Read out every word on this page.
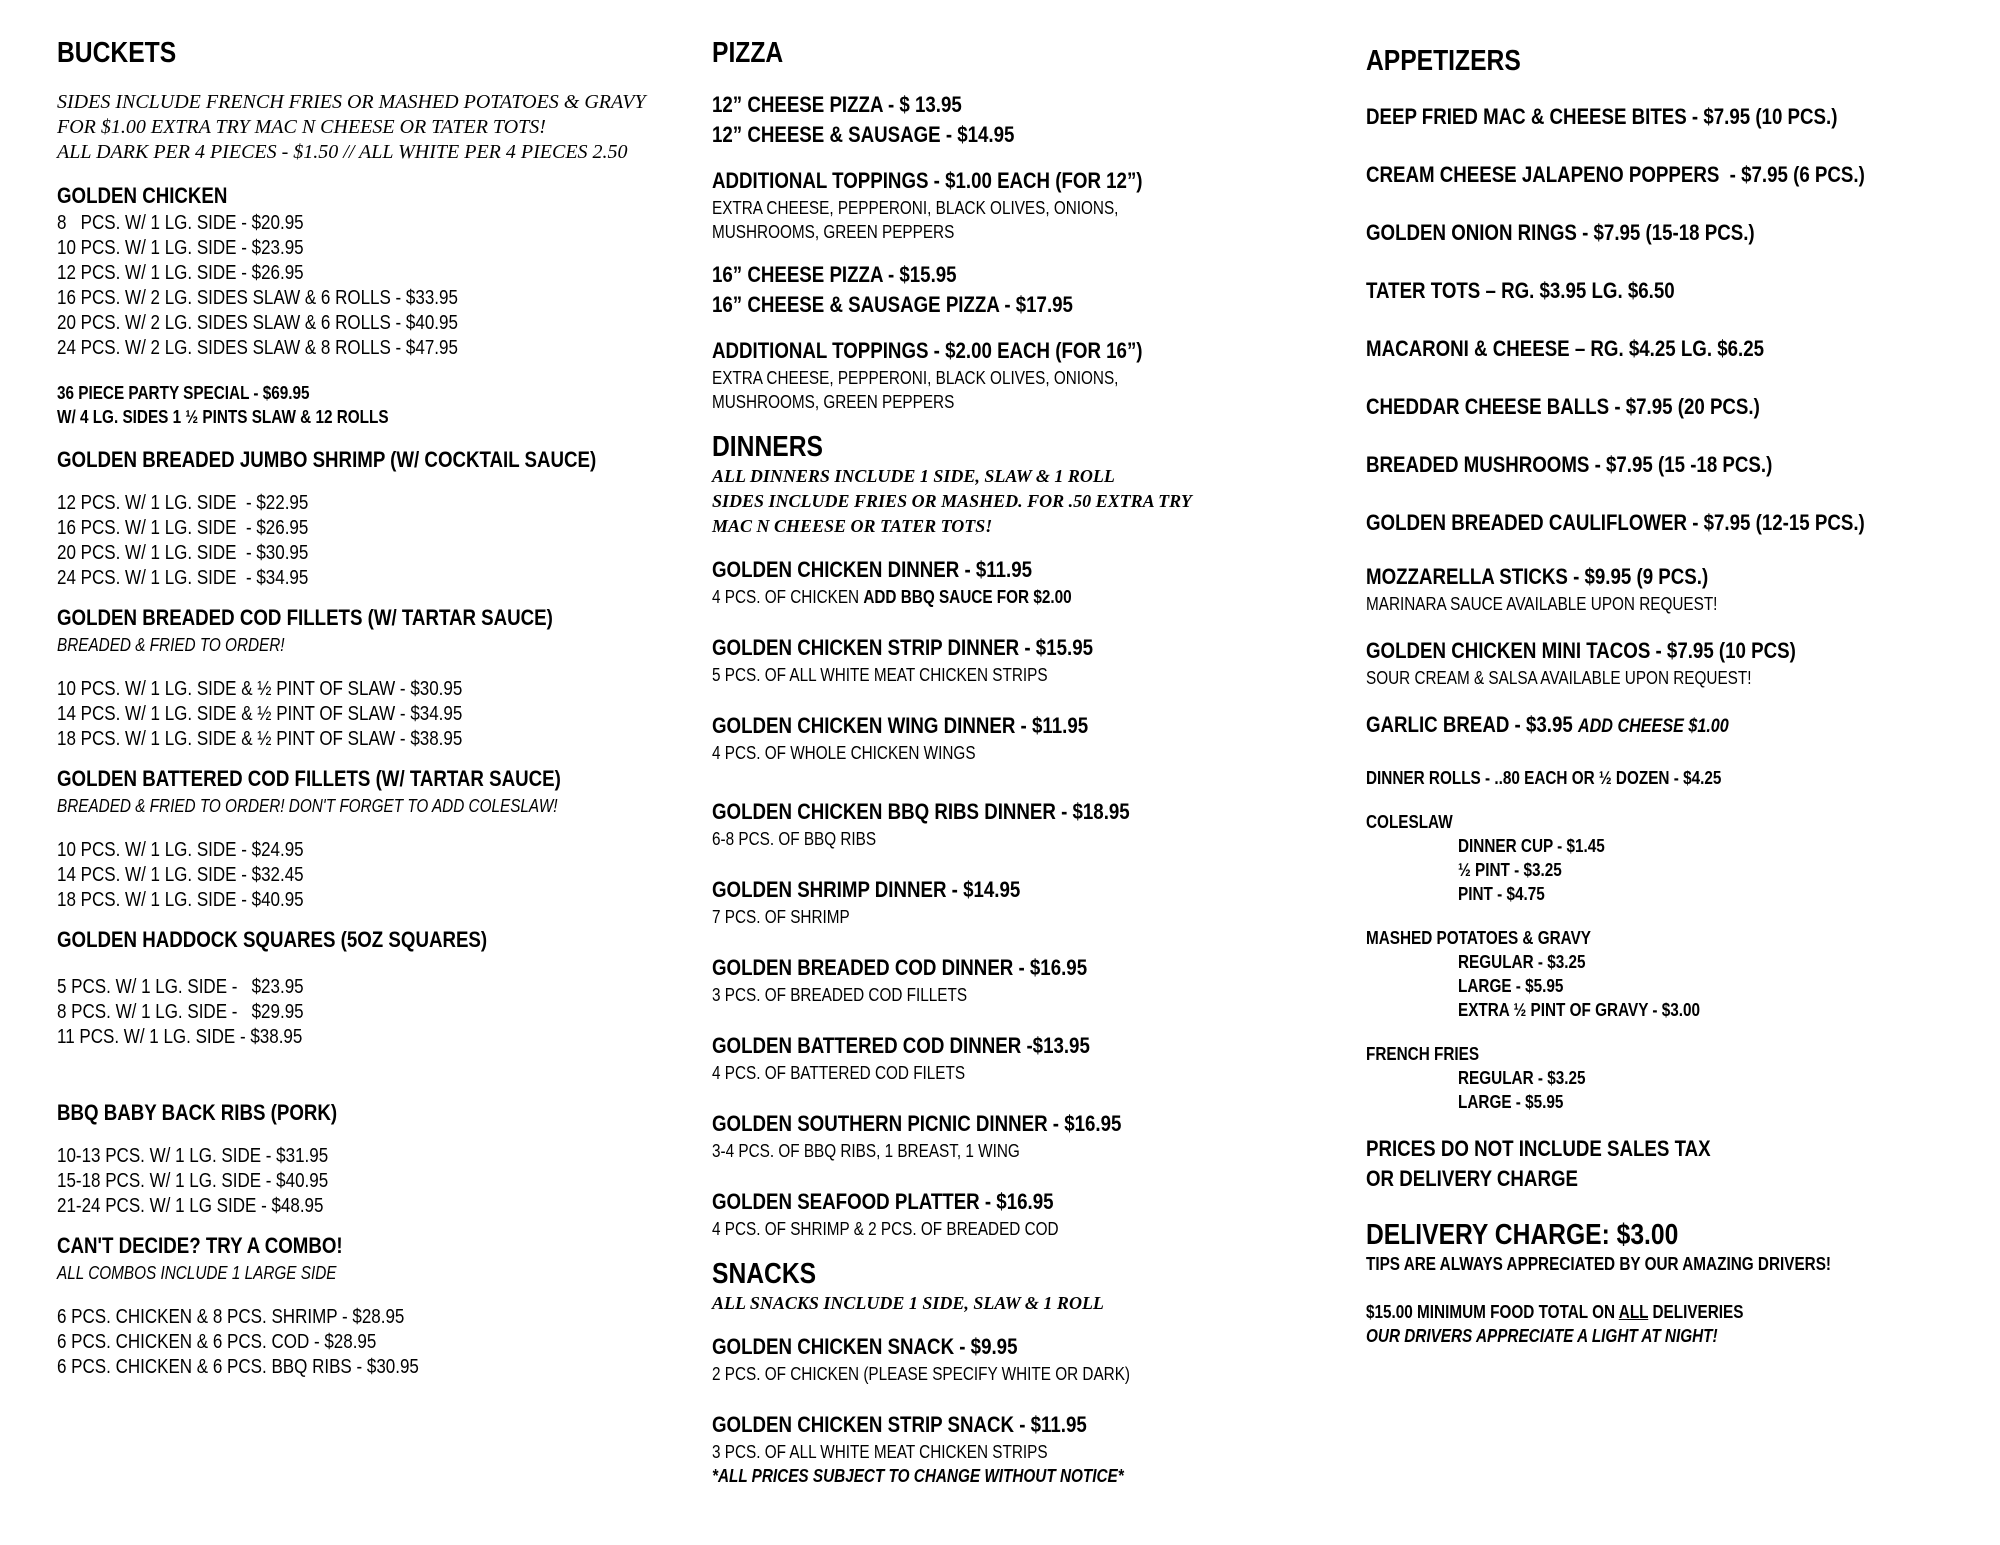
BUCKETS
SIDES INCLUDE FRENCH FRIES OR MASHED POTATOES & GRAVY
FOR $1.00 EXTRA TRY MAC N CHEESE OR TATER TOTS!
ALL DARK PER 4 PIECES - $1.50 // ALL WHITE PER 4 PIECES 2.50
GOLDEN CHICKEN
8   PCS. W/ 1 LG. SIDE - $20.95
10 PCS. W/ 1 LG. SIDE - $23.95
12 PCS. W/ 1 LG. SIDE - $26.95
16 PCS. W/ 2 LG. SIDES SLAW & 6 ROLLS - $33.95
20 PCS. W/ 2 LG. SIDES SLAW & 6 ROLLS - $40.95
24 PCS. W/ 2 LG. SIDES SLAW & 8 ROLLS - $47.95
36 PIECE PARTY SPECIAL - $69.95
W/ 4 LG. SIDES 1 ½ PINTS SLAW & 12 ROLLS
GOLDEN BREADED JUMBO SHRIMP (W/ COCKTAIL SAUCE)
12 PCS. W/ 1 LG. SIDE  - $22.95
16 PCS. W/ 1 LG. SIDE  - $26.95
20 PCS. W/ 1 LG. SIDE  - $30.95
24 PCS. W/ 1 LG. SIDE  - $34.95
GOLDEN BREADED COD FILLETS (W/ TARTAR SAUCE)
BREADED & FRIED TO ORDER!
10 PCS. W/ 1 LG. SIDE & ½ PINT OF SLAW - $30.95
14 PCS. W/ 1 LG. SIDE & ½ PINT OF SLAW - $34.95
18 PCS. W/ 1 LG. SIDE & ½ PINT OF SLAW - $38.95
GOLDEN BATTERED COD FILLETS (W/ TARTAR SAUCE)
BREADED & FRIED TO ORDER! DON'T FORGET TO ADD COLESLAW!
10 PCS. W/ 1 LG. SIDE - $24.95
14 PCS. W/ 1 LG. SIDE - $32.45
18 PCS. W/ 1 LG. SIDE - $40.95
GOLDEN HADDOCK SQUARES (5OZ SQUARES)
5 PCS. W/ 1 LG. SIDE -   $23.95
8 PCS. W/ 1 LG. SIDE -   $29.95
11 PCS. W/ 1 LG. SIDE - $38.95
BBQ BABY BACK RIBS (PORK)
10-13 PCS. W/ 1 LG. SIDE - $31.95
15-18 PCS. W/ 1 LG. SIDE - $40.95
21-24 PCS. W/ 1 LG SIDE - $48.95
CAN'T DECIDE? TRY A COMBO!
ALL COMBOS INCLUDE 1 LARGE SIDE
6 PCS. CHICKEN & 8 PCS. SHRIMP - $28.95
6 PCS. CHICKEN & 6 PCS. COD - $28.95
6 PCS. CHICKEN & 6 PCS. BBQ RIBS - $30.95
PIZZA
12” CHEESE PIZZA - $ 13.95
12” CHEESE & SAUSAGE - $14.95
ADDITIONAL TOPPINGS - $1.00 EACH (FOR 12”)
EXTRA CHEESE, PEPPERONI, BLACK OLIVES, ONIONS,
MUSHROOMS, GREEN PEPPERS
16” CHEESE PIZZA - $15.95
16” CHEESE & SAUSAGE PIZZA - $17.95
ADDITIONAL TOPPINGS - $2.00 EACH (FOR 16”)
EXTRA CHEESE, PEPPERONI, BLACK OLIVES, ONIONS,
MUSHROOMS, GREEN PEPPERS
DINNERS
ALL DINNERS INCLUDE 1 SIDE, SLAW & 1 ROLL
SIDES INCLUDE FRIES OR MASHED. FOR .50 EXTRA TRY
MAC N CHEESE OR TATER TOTS!
GOLDEN CHICKEN DINNER - $11.95
4 PCS. OF CHICKEN ADD BBQ SAUCE FOR $2.00
GOLDEN CHICKEN STRIP DINNER - $15.95
5 PCS. OF ALL WHITE MEAT CHICKEN STRIPS
GOLDEN CHICKEN WING DINNER - $11.95
4 PCS. OF WHOLE CHICKEN WINGS
GOLDEN CHICKEN BBQ RIBS DINNER - $18.95
6-8 PCS. OF BBQ RIBS
GOLDEN SHRIMP DINNER - $14.95
7 PCS. OF SHRIMP
GOLDEN BREADED COD DINNER - $16.95
3 PCS. OF BREADED COD FILLETS
GOLDEN BATTERED COD DINNER -$13.95
4 PCS. OF BATTERED COD FILETS
GOLDEN SOUTHERN PICNIC DINNER - $16.95
3-4 PCS. OF BBQ RIBS, 1 BREAST, 1 WING
GOLDEN SEAFOOD PLATTER - $16.95
4 PCS. OF SHRIMP & 2 PCS. OF BREADED COD
SNACKS
ALL SNACKS INCLUDE 1 SIDE, SLAW & 1 ROLL
GOLDEN CHICKEN SNACK - $9.95
2 PCS. OF CHICKEN (PLEASE SPECIFY WHITE OR DARK)
GOLDEN CHICKEN STRIP SNACK - $11.95
3 PCS. OF ALL WHITE MEAT CHICKEN STRIPS
*ALL PRICES SUBJECT TO CHANGE WITHOUT NOTICE*
APPETIZERS
DEEP FRIED MAC & CHEESE BITES - $7.95 (10 PCS.)
CREAM CHEESE JALAPENO POPPERS  - $7.95 (6 PCS.)
GOLDEN ONION RINGS - $7.95 (15-18 PCS.)
TATER TOTS – RG. $3.95 LG. $6.50
MACARONI & CHEESE – RG. $4.25 LG. $6.25
CHEDDAR CHEESE BALLS - $7.95 (20 PCS.)
BREADED MUSHROOMS - $7.95 (15 -18 PCS.)
GOLDEN BREADED CAULIFLOWER - $7.95 (12-15 PCS.)
MOZZARELLA STICKS - $9.95 (9 PCS.)
MARINARA SAUCE AVAILABLE UPON REQUEST!
GOLDEN CHICKEN MINI TACOS - $7.95 (10 PCS)
SOUR CREAM & SALSA AVAILABLE UPON REQUEST!
GARLIC BREAD - $3.95 ADD CHEESE $1.00
DINNER ROLLS - ..80 EACH OR ½ DOZEN - $4.25
COLESLAW
DINNER CUP - $1.45
½ PINT - $3.25
PINT - $4.75
MASHED POTATOES & GRAVY
REGULAR - $3.25
LARGE - $5.95
EXTRA ½ PINT OF GRAVY - $3.00
FRENCH FRIES
REGULAR - $3.25
LARGE - $5.95
PRICES DO NOT INCLUDE SALES TAX
OR DELIVERY CHARGE
DELIVERY CHARGE: $3.00
TIPS ARE ALWAYS APPRECIATED BY OUR AMAZING DRIVERS!
$15.00 MINIMUM FOOD TOTAL ON ALL DELIVERIES
OUR DRIVERS APPRECIATE A LIGHT AT NIGHT!
